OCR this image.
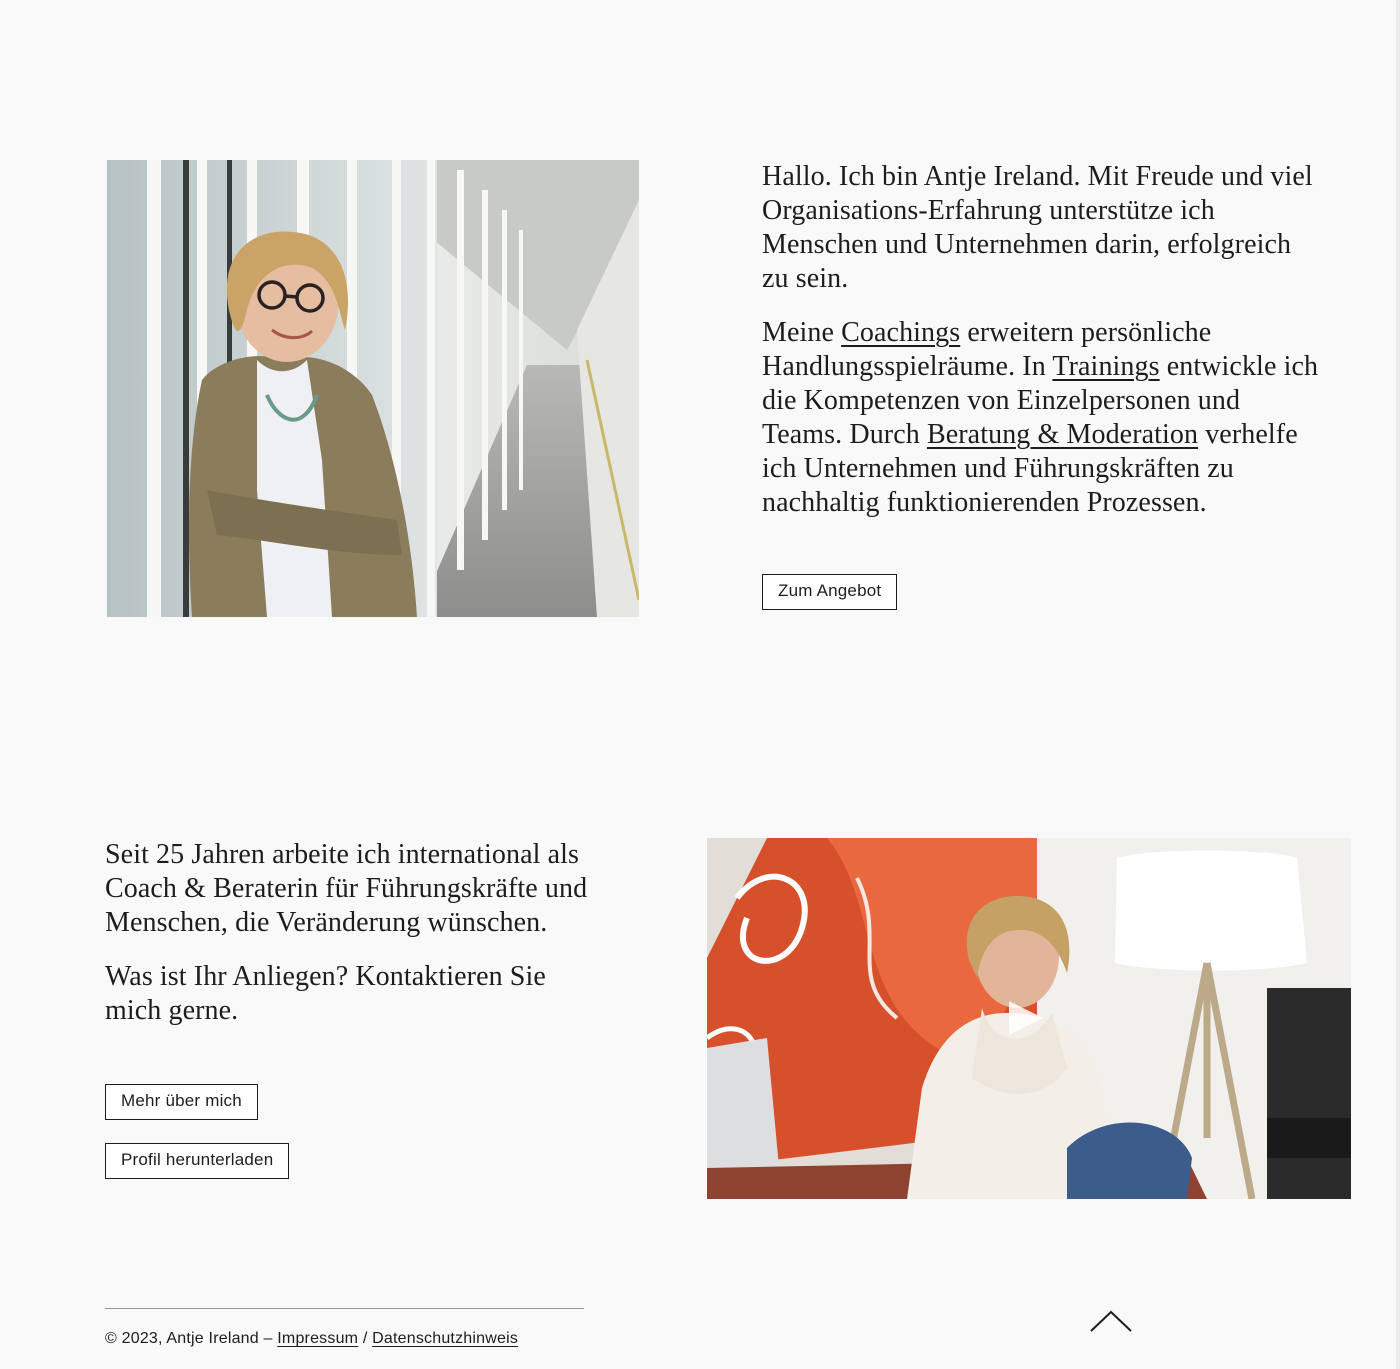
Hallo. Ich bin Antje Ireland. Mit Freude und viel Organisations-Erfahrung unterstütze ich Menschen und Unternehmen darin, erfolgreich zu sein.

Meine Coachings erweitern persönliche Handlungsspielräume. In Trainings entwickle ich die Kompetenzen von Einzelpersonen und Teams. Durch Beratung & Moderation verhelfe ich Unternehmen und Führungskräften zu nachhaltig funktionierenden Prozessen.

Zum Angebot

Seit 25 Jahren arbeite ich international als Coach & Beraterin für Führungskräfte und Menschen, die Veränderung wünschen.

Was ist Ihr Anliegen? Kontaktieren Sie mich gerne.

Mehr über mich
Profil herunterladen
© 2023, Antje Ireland – Impressum / Datenschutzhinweis
